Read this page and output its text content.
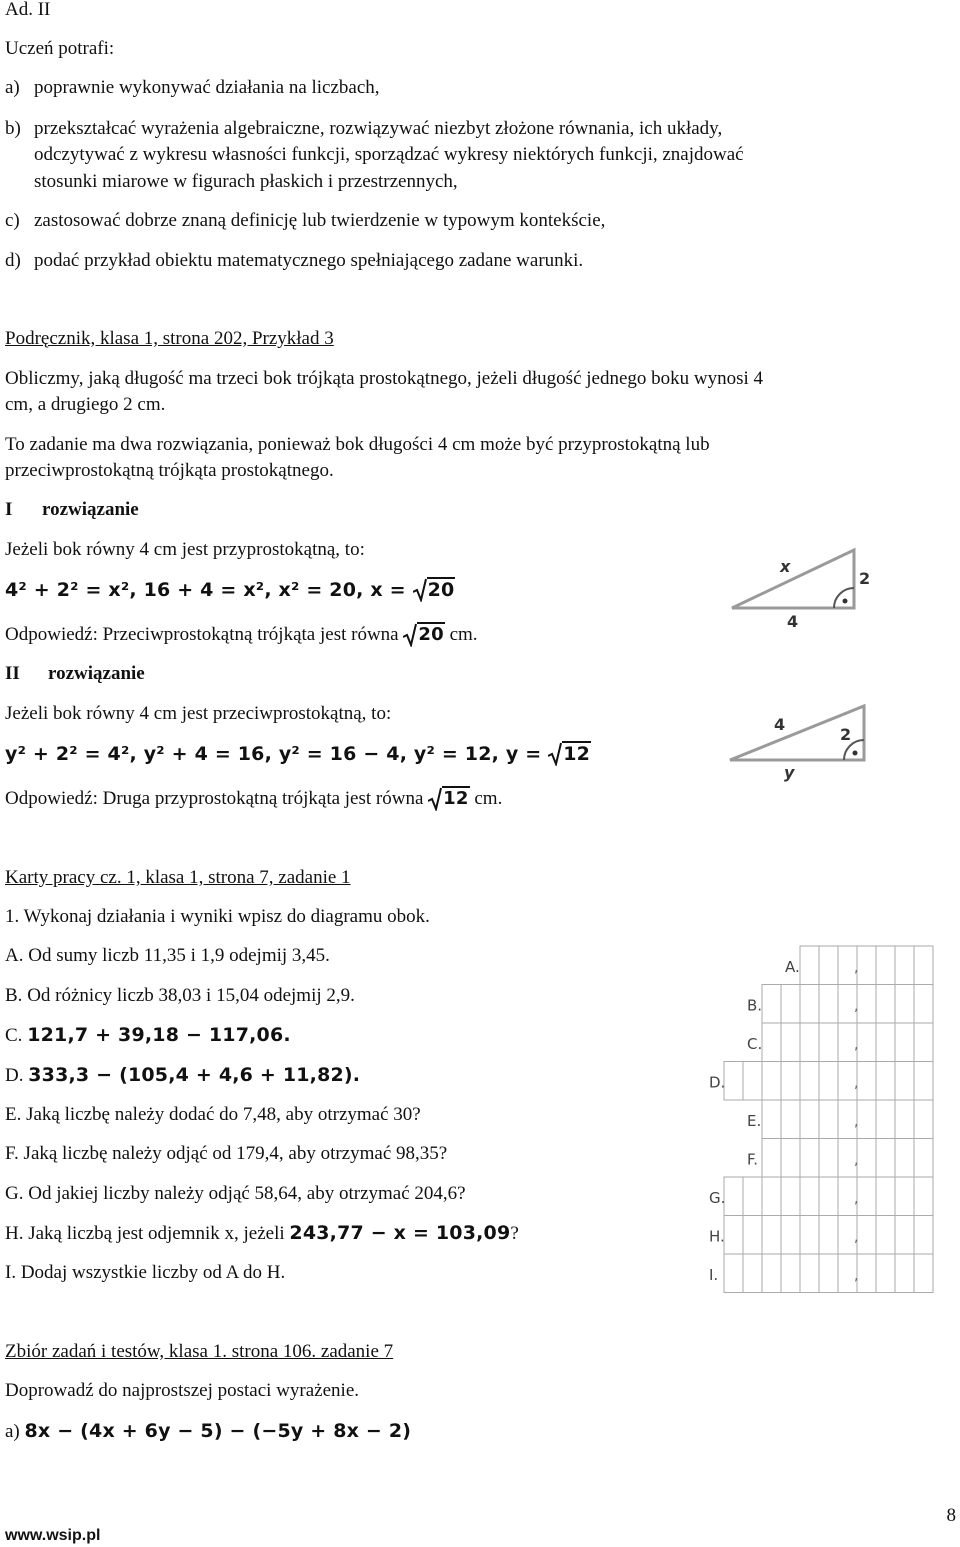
Ad. II
Uczeń potrafi:
a) poprawnie wykonywać działania na liczbach,
b) przekształcać wyrażenia algebraiczne, rozwiązywać niezbyt złożone równania, ich układy,
odczytywać z wykresu własności funkcji, sporządzać wykresy niektórych funkcji, znajdować
stosunki miarowe w figurach płaskich i przestrzennych,
c) zastosować dobrze znaną definicję lub twierdzenie w typowym kontekście,
d) podać przykład obiektu matematycznego spełniającego zadane warunki.
Podręcznik, klasa 1, strona 202, Przykład 3
Obliczmy, jaką długość ma trzeci bok trójkąta prostokątnego, jeżeli długość jednego boku wynosi 4
cm, a drugiego 2 cm.
To zadanie ma dwa rozwiązania, ponieważ bok długości 4 cm może być przyprostokątną lub
przeciwprostokątną trójkąta prostokątnego.
I rozwiązanie
Jeżeli bok równy 4 cm jest przyprostokątną, to:
4² + 2² = x², 16 + 4 = x², x² = 20, x =
20
Odpowiedź: Przeciwprostokątną trójkąta jest równa 20 cm.
x
2
4
II rozwiązanie
Jeżeli bok równy 4 cm jest przeciwprostokątną, to:
y² + 2² = 4², y² + 4 = 16, y² = 16 − 4, y² = 12, y =
12
Odpowiedź: Druga przyprostokątną trójkąta jest równa 12 cm.
4
2
y
Karty pracy cz. 1, klasa 1, strona 7, zadanie 1
1. Wykonaj działania i wyniki wpisz do diagramu obok.
A. Od sumy liczb 11,35 i 1,9 odejmij 3,45.
B. Od różnicy liczb 38,03 i 15,04 odejmij 2,9.
C. 121,7 + 39,18 − 117,06.
D. 333,3 − (105,4 + 4,6 + 11,82).
E. Jaką liczbę należy dodać do 7,48, aby otrzymać 30?
F. Jaką liczbę należy odjąć od 179,4, aby otrzymać 98,35?
G. Od jakiej liczby należy odjąć 58,64, aby otrzymać 204,6?
H. Jaką liczbą jest odjemnik x, jeżeli 243,77 − x = 103,09?
I. Dodaj wszystkie liczby od A do H.
A.	,
B.	,
C.	,
D.	,
E.	,
F.	,
G.	,
H.	,
I.	,
Zbiór zadań i testów, klasa 1. strona 106. zadanie 7
Doprowadź do najprostszej postaci wyrażenie.
a) 8x − (4x + 6y − 5) − (−5y + 8x − 2)
www.wsip.pl
8
